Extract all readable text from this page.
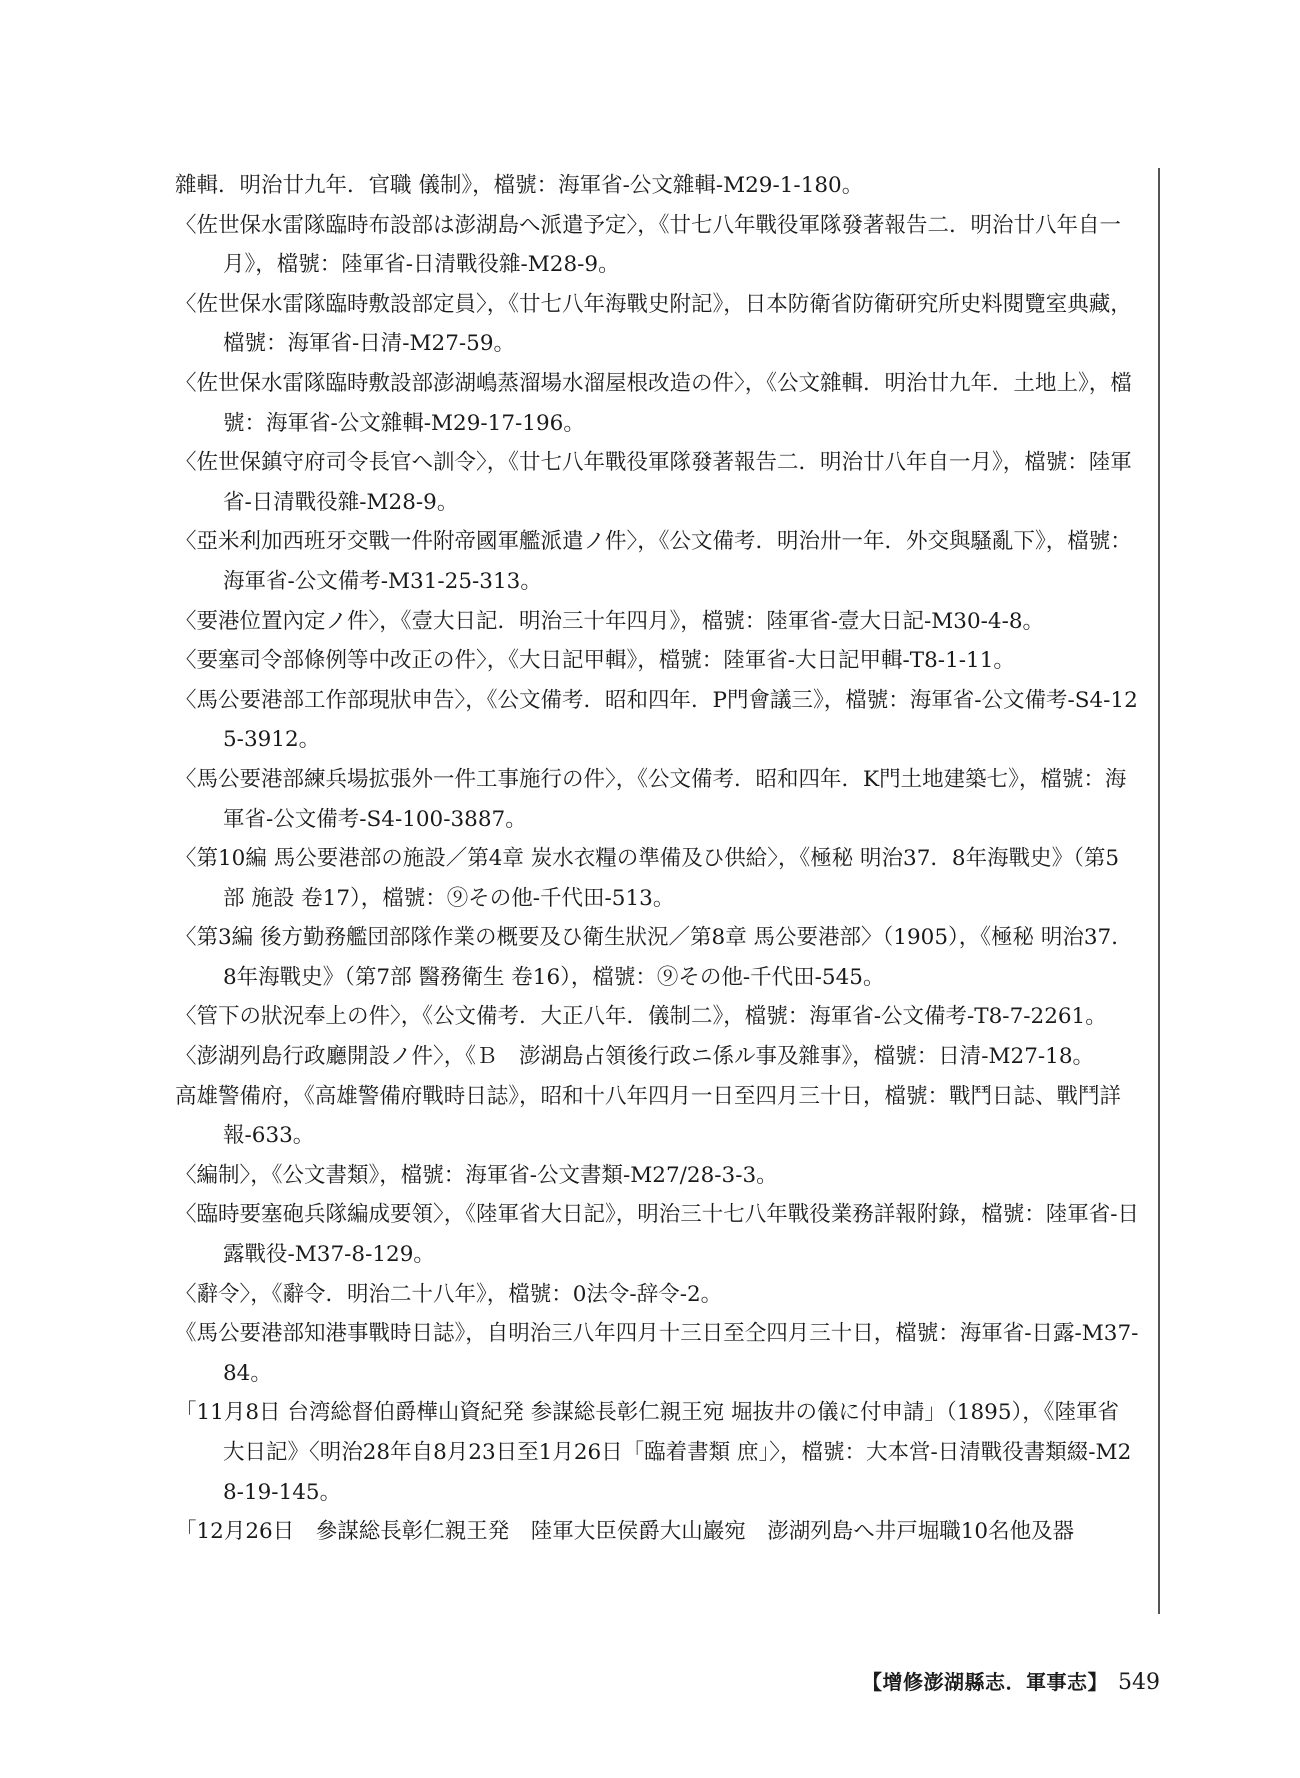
雜輯．明治廿九年．官職 儀制》，檔號：海軍省-公文雜輯-M29-1-180。
〈佐世保水雷隊臨時布設部は澎湖島へ派遣予定〉，《廿七八年戰役軍隊發著報告二．明治廿八年自一月》，檔號：陸軍省-日清戰役雜-M28-9。
〈佐世保水雷隊臨時敷設部定員〉，《廿七八年海戰史附記》，日本防衛省防衛研究所史料閱覽室典藏，檔號：海軍省-日清-M27-59。
〈佐世保水雷隊臨時敷設部澎湖嶋蒸溜場水溜屋根改造の件〉，《公文雜輯．明治廿九年．土地上》，檔號：海軍省-公文雜輯-M29-17-196。
〈佐世保鎮守府司令長官へ訓令〉，《廿七八年戰役軍隊發著報告二．明治廿八年自一月》，檔號：陸軍省-日清戰役雜-M28-9。
〈亞米利加西班牙交戰一件附帝國軍艦派遣ノ件〉，《公文備考．明治卅一年．外交與騷亂下》，檔號：海軍省-公文備考-M31-25-313。
〈要港位置內定ノ件〉，《壹大日記．明治三十年四月》，檔號：陸軍省-壹大日記-M30-4-8。
〈要塞司令部條例等中改正の件〉，《大日記甲輯》，檔號：陸軍省-大日記甲輯-T8-1-11。
〈馬公要港部工作部現狀申告〉，《公文備考．昭和四年．P門會議三》，檔號：海軍省-公文備考-S4-125-3912。
〈馬公要港部練兵場拡張外一件工事施行の件〉，《公文備考．昭和四年．K門土地建築七》，檔號：海軍省-公文備考-S4-100-3887。
〈第10編 馬公要港部の施設／第4章 炭水衣糧の準備及ひ供給〉，《極秘 明治37．8年海戰史》（第5部 施設 卷17），檔號：⑨その他-千代田-513。
〈第3編 後方勤務艦団部隊作業の概要及ひ衛生狀況／第8章 馬公要港部〉（1905），《極秘 明治37．8年海戰史》（第7部 醫務衛生 卷16），檔號：⑨その他-千代田-545。
〈管下の狀況奉上の件〉，《公文備考．大正八年．儀制二》，檔號：海軍省-公文備考-T8-7-2261。
〈澎湖列島行政廳開設ノ件〉，《Ｂ　澎湖島占領後行政ニ係ル事及雜事》，檔號：日清-M27-18。
高雄警備府，《高雄警備府戰時日誌》，昭和十八年四月一日至四月三十日，檔號：戰鬥日誌、戰鬥詳報-633。
〈編制〉，《公文書類》，檔號：海軍省-公文書類-M27/28-3-3。
〈臨時要塞砲兵隊編成要領〉，《陸軍省大日記》，明治三十七八年戰役業務詳報附錄，檔號：陸軍省-日露戰役-M37-8-129。
〈辭令〉，《辭令．明治二十八年》，檔號：0法令-辞令-2。
《馬公要港部知港事戰時日誌》，自明治三八年四月十三日至仝四月三十日，檔號：海軍省-日露-M37-84。
「11月8日 台湾総督伯爵樺山資紀発 参謀総長彰仁親王宛 堀抜井の儀に付申請」（1895），《陸軍省大日記》〈明治28年自8月23日至1月26日「臨着書類 庶」〉，檔號：大本営-日清戰役書類綴-M28-19-145。
「12月26日　參謀総長彰仁親王発　陸軍大臣侯爵大山巖宛　澎湖列島へ井戸堀職10名他及器
【增修澎湖縣志．軍事志】 549
